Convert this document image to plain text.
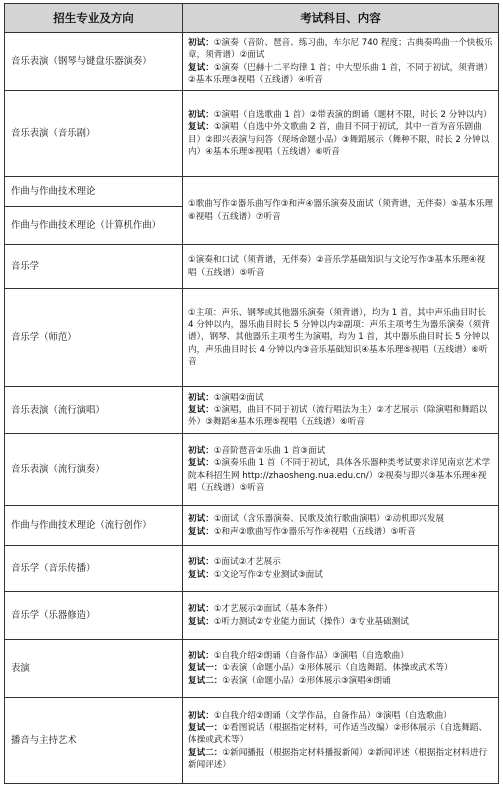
招生专业及方向	考试科目、内容
音乐表演（钢琴与键盘乐器演奏）	初试 ： ①演奏（音阶、琶音、练习曲，车尔尼 740 程度；古典奏鸣曲一个快板乐章，须背谱）②面试
复试 ： ①演奏（巴赫十二平均律 1 首；中大型乐曲 1 首，不同于初试，须背谱）②基本乐理③视唱（五线谱）④听音

音乐表演（音乐剧）	初试 ： ①演唱（自选歌曲 1 首）②带表演的朗诵（题材不限，时长 2 分钟以内）
复试 ： ①演唱（自选中外文歌曲 2 首，曲目不同于初试，其中一首为音乐剧曲目）②即兴表演与问答（现场命题小品）③舞蹈展示（舞种不限，时长 2 分钟以内）④基本乐理⑤视唱（五线谱）⑥听音

作曲与作曲技术理论	①歌曲写作②器乐曲写作③和声④器乐演奏及面试（须背谱，无伴奏）⑤基本乐理⑥视唱（五线谱）⑦听音

作曲与作曲技术理论（计算机作曲）	
音乐学	①演奏和口试（须背谱，无伴奏）②音乐学基础知识与文论写作③基本乐理④视唱（五线谱）⑤听音

音乐学（师范）	①主项：声乐、钢琴或其他器乐演奏（须背谱），均为 1 首，其中声乐曲目时长 4 分钟以内，器乐曲目时长 5 分钟以内②副项：声乐主项考生为器乐演奏（须背谱），钢琴、其他器乐主项考生为演唱，均为 1 首，其中器乐曲目时长 5 分钟以内，声乐曲目时长 4 分钟以内③音乐基础知识④基本乐理⑤视唱（五线谱）⑥听音

音乐表演（流行演唱）	初试 ： ①演唱②面试
复试 ： ①演唱，曲目不同于初试（流行唱法为主）②才艺展示（除演唱和舞蹈以外）③舞蹈④基本乐理⑤视唱（五线谱）⑥听音

音乐表演（流行演奏）	初试 ： ①音阶琶音②乐曲 1 首③面试
复试 ： ①演奏乐曲 1 首（不同于初试，具体各乐器种类考试要求详见南京艺术学院本科招生网 http://zhaosheng.nua.edu.cn/）②视奏与即兴③基本乐理④视唱（五线谱）⑤听音

作曲与作曲技术理论（流行创作）	初试 ： ①面试（含乐器演奏、民歌及流行歌曲演唱）②动机即兴发展
复试 ： ①和声②歌曲写作③器乐写作④视唱（五线谱）⑤听音

音乐学（音乐传播）	初试 ： ①面试②才艺展示
复试 ： ①文论写作②专业测试③面试

音乐学（乐器修造）	初试 ： ①才艺展示②面试（基本条件）
复试 ： ①听力测试②专业能力面试（操作）③专业基础测试

表演	初试 ： ①自我介绍②朗诵（自备作品）③演唱（自选歌曲）
复试一 ： ①表演（命题小品）②形体展示（自选舞蹈、体操或武术等）
复试二 ： ①表演（命题小品）②形体展示③演唱④朗诵

播音与主持艺术	初试 ： ①自我介绍②朗诵（文学作品，自备作品）③演唱（自选歌曲）
复试一 ： ①看图说话（根据指定材料，可作适当改编）②形体展示（自选舞蹈、体操或武术等）
复试二 ： ①新闻播报（根据指定材料播报新闻）②新闻评述（根据指定材料进行新闻评述）
